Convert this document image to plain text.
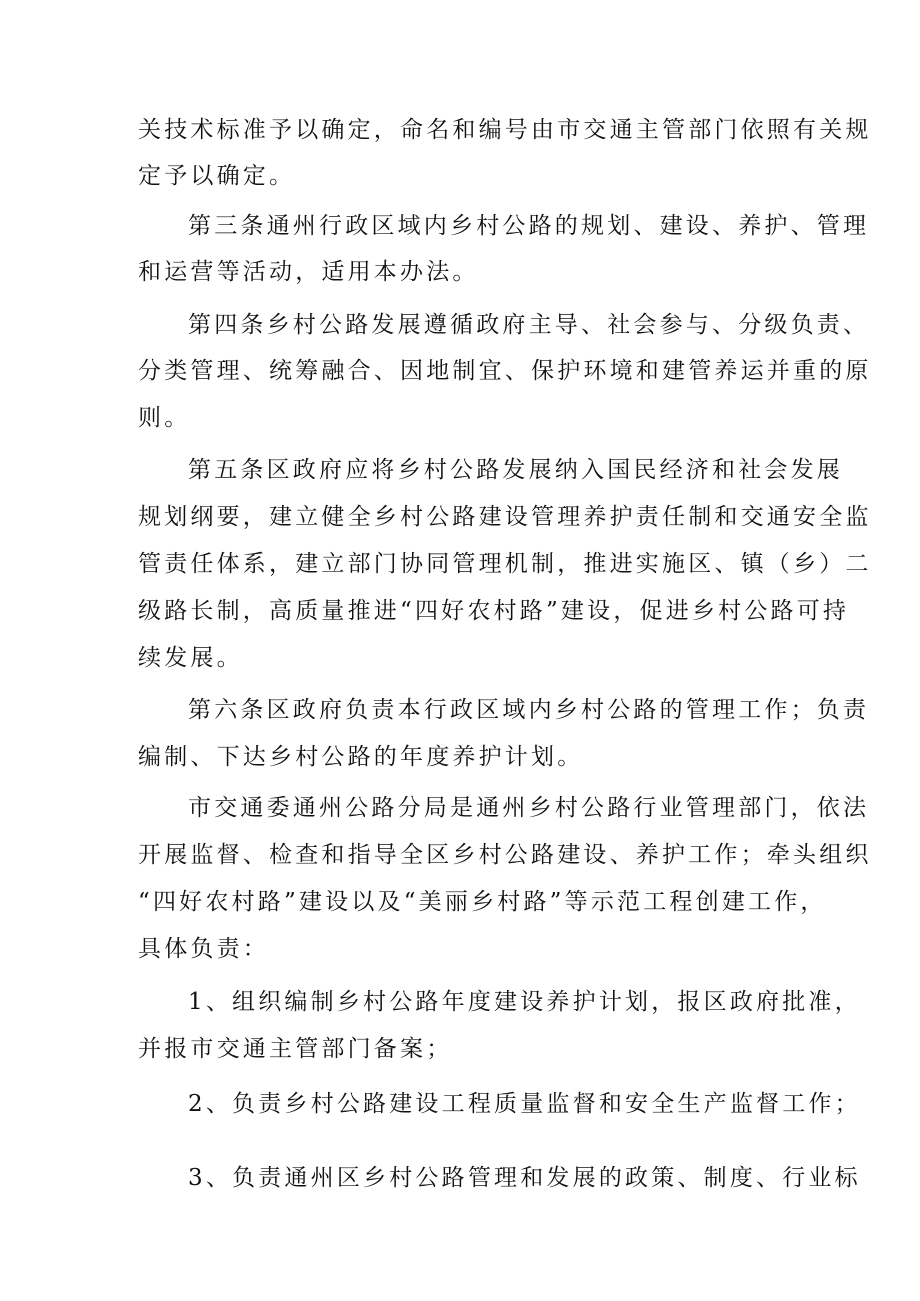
关技术标准予以确定，命名和编号由市交通主管部门依照有关规
定予以确定。
第三条通州行政区域内乡村公路的规划、建设、养护、管理
和运营等活动，适用本办法。
第四条乡村公路发展遵循政府主导、社会参与、分级负责、
分类管理、统筹融合、因地制宜、保护环境和建管养运并重的原
则。
第五条区政府应将乡村公路发展纳入国民经济和社会发展
规划纲要，建立健全乡村公路建设管理养护责任制和交通安全监
管责任体系，建立部门协同管理机制，推进实施区、镇（乡）二
级路长制，高质量推进“四好农村路”建设，促进乡村公路可持
续发展。
第六条区政府负责本行政区域内乡村公路的管理工作；负责
编制、下达乡村公路的年度养护计划。
市交通委通州公路分局是通州乡村公路行业管理部门，依法
开展监督、检查和指导全区乡村公路建设、养护工作；牵头组织
“四好农村路”建设以及“美丽乡村路”等示范工程创建工作，
具体负责：
1、组织编制乡村公路年度建设养护计划，报区政府批准，
并报市交通主管部门备案；
2、负责乡村公路建设工程质量监督和安全生产监督工作；
3、负责通州区乡村公路管理和发展的政策、制度、行业标
